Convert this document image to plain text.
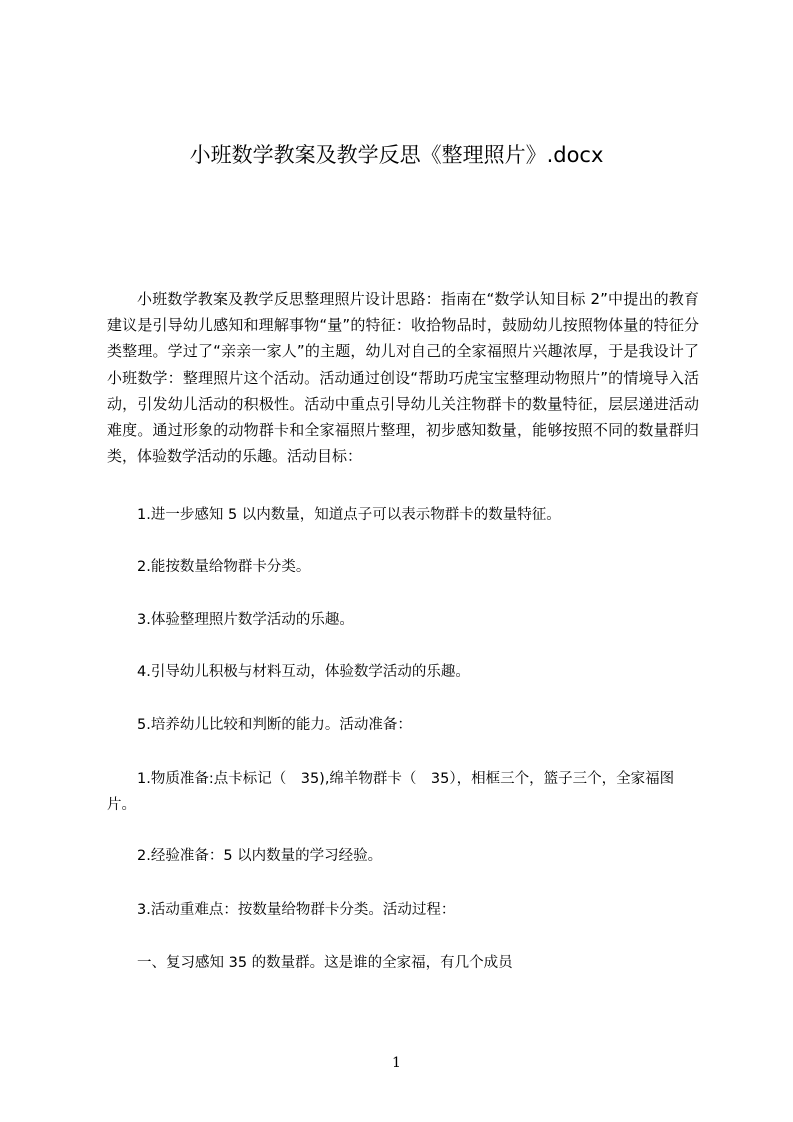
小班数学教案及教学反思《整理照片》.docx

小班数学教案及教学反思整理照片设计思路：指南在“数学认知目标 2”中提出的教育建议是引导幼儿感知和理解事物“量”的特征：收拾物品时，鼓励幼儿按照物体量的特征分类整理。学过了“亲亲一家人”的主题，幼儿对自己的全家福照片兴趣浓厚，于是我设计了小班数学：整理照片这个活动。活动通过创设“帮助巧虎宝宝整理动物照片”的情境导入活动，引发幼儿活动的积极性。活动中重点引导幼儿关注物群卡的数量特征，层层递进活动难度。通过形象的动物群卡和全家福照片整理，初步感知数量，能够按照不同的数量群归类，体验数学活动的乐趣。活动目标：

1.进一步感知 5 以内数量，知道点子可以表示物群卡的数量特征。

2.能按数量给物群卡分类。

3.体验整理照片数学活动的乐趣。

4.引导幼儿积极与材料互动，体验数学活动的乐趣。

5.培养幼儿比较和判断的能力。活动准备：

1.物质准备:点卡标记（　35),绵羊物群卡（　35），相框三个，篮子三个，全家福图片。

2.经验准备：5 以内数量的学习经验。

3.活动重难点：按数量给物群卡分类。活动过程：

一、复习感知 35 的数量群。这是谁的全家福，有几个成员

1
